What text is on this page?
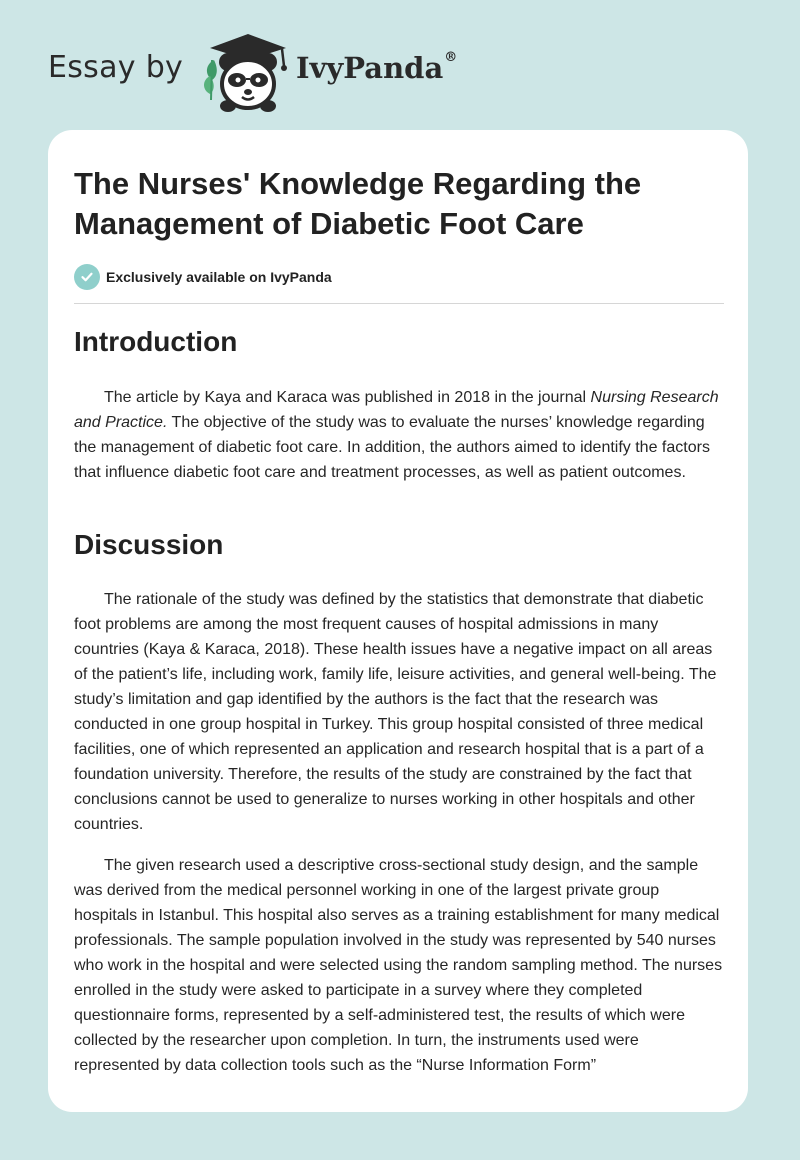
Essay by	IvyPanda®
The Nurses' Knowledge Regarding the Management of Diabetic Foot Care
Exclusively available on IvyPanda
Introduction

The article by Kaya and Karaca was published in 2018 in the journal Nursing Research and Practice. The objective of the study was to evaluate the nurses’ knowledge regarding the management of diabetic foot care. In addition, the authors aimed to identify the factors that influence diabetic foot care and treatment processes, as well as patient outcomes.

Discussion

The rationale of the study was defined by the statistics that demonstrate that diabetic foot problems are among the most frequent causes of hospital admissions in many countries (Kaya & Karaca, 2018). These health issues have a negative impact on all areas of the patient’s life, including work, family life, leisure activities, and general well-being. The study’s limitation and gap identified by the authors is the fact that the research was conducted in one group hospital in Turkey. This group hospital consisted of three medical facilities, one of which represented an application and research hospital that is a part of a foundation university. Therefore, the results of the study are constrained by the fact that conclusions cannot be used to generalize to nurses working in other hospitals and other countries.

The given research used a descriptive cross-sectional study design, and the sample was derived from the medical personnel working in one of the largest private group hospitals in Istanbul. This hospital also serves as a training establishment for many medical professionals. The sample population involved in the study was represented by 540 nurses who work in the hospital and were selected using the random sampling method. The nurses enrolled in the study were asked to participate in a survey where they completed questionnaire forms, represented by a self-administered test, the results of which were collected by the researcher upon completion. In turn, the instruments used were represented by data collection tools such as the “Nurse Information Form”
